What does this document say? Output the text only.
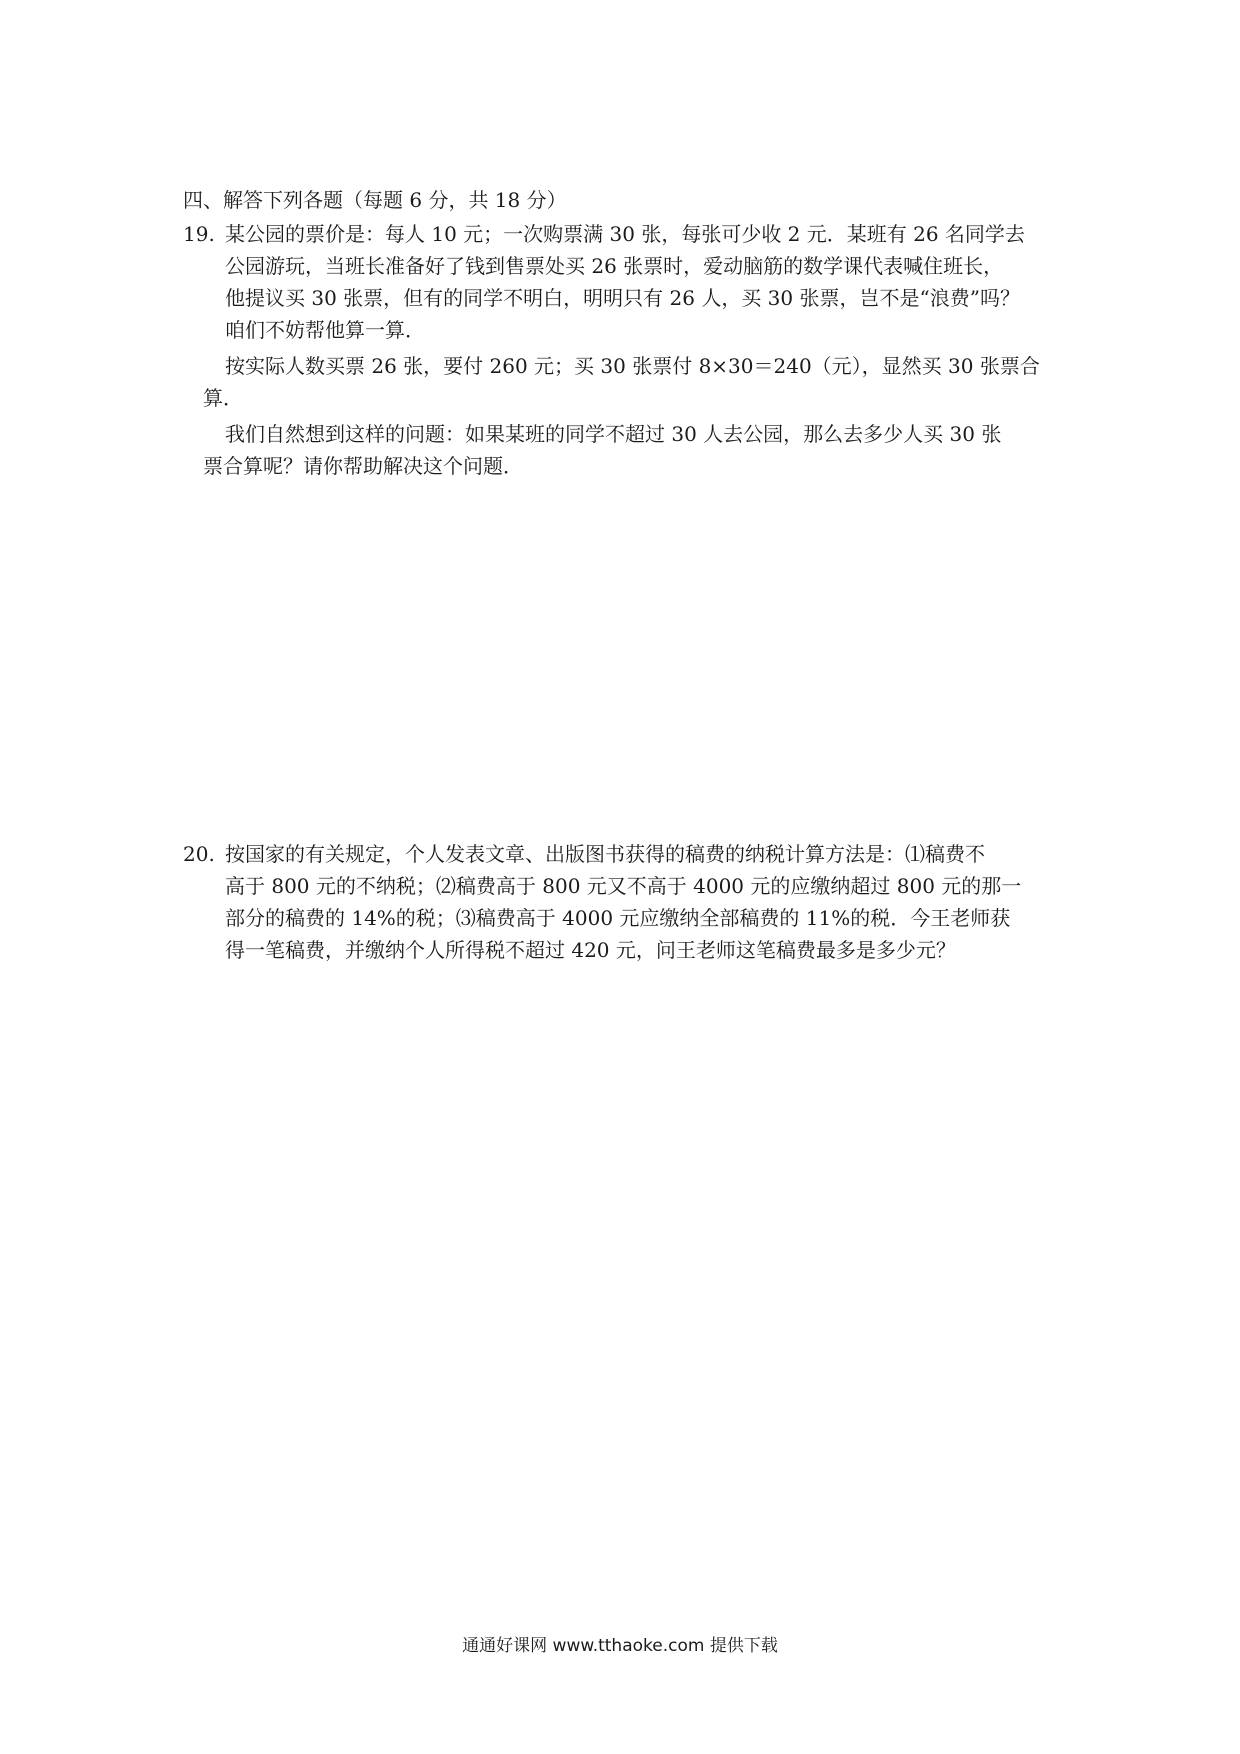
四、解答下列各题（每题 6 分，共 18 分）
19. 某公园的票价是：每人 10 元；一次购票满 30 张，每张可少收 2 元．某班有 26 名同学去
公园游玩，当班长准备好了钱到售票处买 26 张票时，爱动脑筋的数学课代表喊住班长，
他提议买 30 张票，但有的同学不明白，明明只有 26 人，买 30 张票，岂不是“浪费”吗？
咱们不妨帮他算一算．
按实际人数买票 26 张，要付 260 元；买 30 张票付 8×30＝240（元），显然买 30 张票合
算．
我们自然想到这样的问题：如果某班的同学不超过 30 人去公园，那么去多少人买 30 张
票合算呢？请你帮助解决这个问题．
20. 按国家的有关规定，个人发表文章、出版图书获得的稿费的纳税计算方法是：⑴稿费不
高于 800 元的不纳税；⑵稿费高于 800 元又不高于 4000 元的应缴纳超过 800 元的那一
部分的稿费的 14%的税；⑶稿费高于 4000 元应缴纳全部稿费的 11%的税．今王老师获
得一笔稿费，并缴纳个人所得税不超过 420 元，问王老师这笔稿费最多是多少元？
通通好课网 www.tthaoke.com 提供下载
